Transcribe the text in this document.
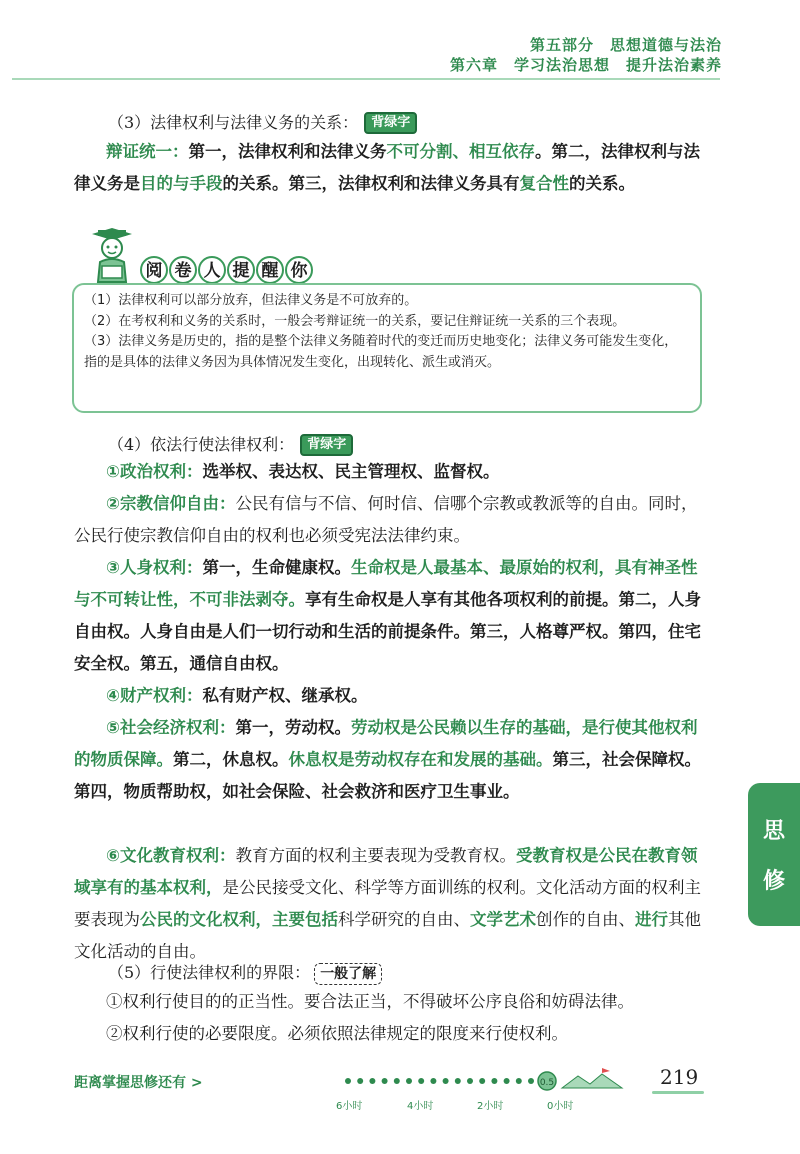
第五部分　思想道德与法治
第六章　学习法治思想　提升法治素养
（3）法律权利与法律义务的关系： 背绿字

辩证统一：第一，法律权利和法律义务不可分割、相互依存。第二，法律权利与法律义务是目的与手段的关系。第三，法律权利和法律义务具有复合性的关系。

阅 卷 人 提 醒 你

（1）法律权利可以部分放弃，但法律义务是不可放弃的。

（2）在考权利和义务的关系时，一般会考辩证统一的关系，要记住辩证统一关系的三个表现。

（3）法律义务是历史的，指的是整个法律义务随着时代的变迁而历史地变化；法律义务可能发生变化，指的是具体的法律义务因为具体情况发生变化，出现转化、派生或消灭。

（4）依法行使法律权利： 背绿字

①政治权利：选举权、表达权、民主管理权、监督权。

②宗教信仰自由：公民有信与不信、何时信、信哪个宗教或教派等的自由。同时，公民行使宗教信仰自由的权利也必须受宪法法律约束。

③人身权利：第一，生命健康权。生命权是人最基本、最原始的权利，具有神圣性与不可转让性，不可非法剥夺。享有生命权是人享有其他各项权利的前提。第二，人身自由权。人身自由是人们一切行动和生活的前提条件。第三，人格尊严权。第四，住宅安全权。第五，通信自由权。

④财产权利：私有财产权、继承权。

⑤社会经济权利：第一，劳动权。劳动权是公民赖以生存的基础，是行使其他权利的物质保障。第二，休息权。休息权是劳动权存在和发展的基础。第三，社会保障权。第四，物质帮助权，如社会保险、社会救济和医疗卫生事业。

⑥文化教育权利：教育方面的权利主要表现为受教育权。受教育权是公民在教育领域享有的基本权利，是公民接受文化、科学等方面训练的权利。文化活动方面的权利主要表现为公民的文化权利，主要包括科学研究的自由、文学艺术创作的自由、进行其他文化活动的自由。

（5）行使法律权利的界限： 一般了解

①权利行使目的的正当性。要合法正当，不得破坏公序良俗和妨碍法律。

②权利行使的必要限度。必须依照法律规定的限度来行使权利。

思
修
距离掌握思修还有 >	0.5
6小时	4小时	2小时	0小时
219
